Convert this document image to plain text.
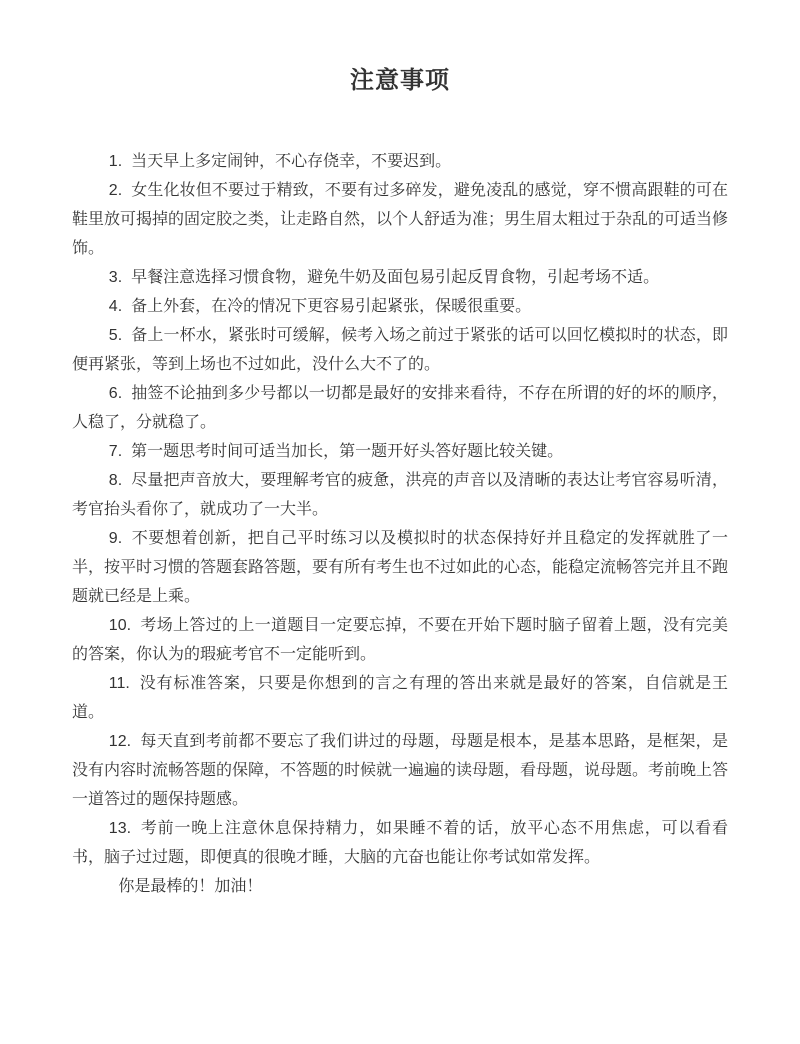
注意事项

1. 当天早上多定闹钟，不心存侥幸，不要迟到。

2. 女生化妆但不要过于精致，不要有过多碎发，避免凌乱的感觉，穿不惯高跟鞋的可在鞋里放可揭掉的固定胶之类，让走路自然，以个人舒适为准；男生眉太粗过于杂乱的可适当修饰。

3. 早餐注意选择习惯食物，避免牛奶及面包易引起反胃食物，引起考场不适。

4. 备上外套，在冷的情况下更容易引起紧张，保暖很重要。

5. 备上一杯水，紧张时可缓解，候考入场之前过于紧张的话可以回忆模拟时的状态，即便再紧张，等到上场也不过如此，没什么大不了的。

6. 抽签不论抽到多少号都以一切都是最好的安排来看待，不存在所谓的好的坏的顺序，人稳了，分就稳了。

7. 第一题思考时间可适当加长，第一题开好头答好题比较关键。

8. 尽量把声音放大，要理解考官的疲惫，洪亮的声音以及清晰的表达让考官容易听清，考官抬头看你了，就成功了一大半。

9. 不要想着创新，把自己平时练习以及模拟时的状态保持好并且稳定的发挥就胜了一半，按平时习惯的答题套路答题，要有所有考生也不过如此的心态，能稳定流畅答完并且不跑题就已经是上乘。

10. 考场上答过的上一道题目一定要忘掉，不要在开始下题时脑子留着上题，没有完美的答案，你认为的瑕疵考官不一定能听到。

11. 没有标准答案，只要是你想到的言之有理的答出来就是最好的答案，自信就是王道。

12. 每天直到考前都不要忘了我们讲过的母题，母题是根本，是基本思路，是框架，是没有内容时流畅答题的保障，不答题的时候就一遍遍的读母题，看母题，说母题。考前晚上答一道答过的题保持题感。

13. 考前一晚上注意休息保持精力，如果睡不着的话，放平心态不用焦虑，可以看看书，脑子过过题，即便真的很晚才睡，大脑的亢奋也能让你考试如常发挥。

你是最棒的！加油！
